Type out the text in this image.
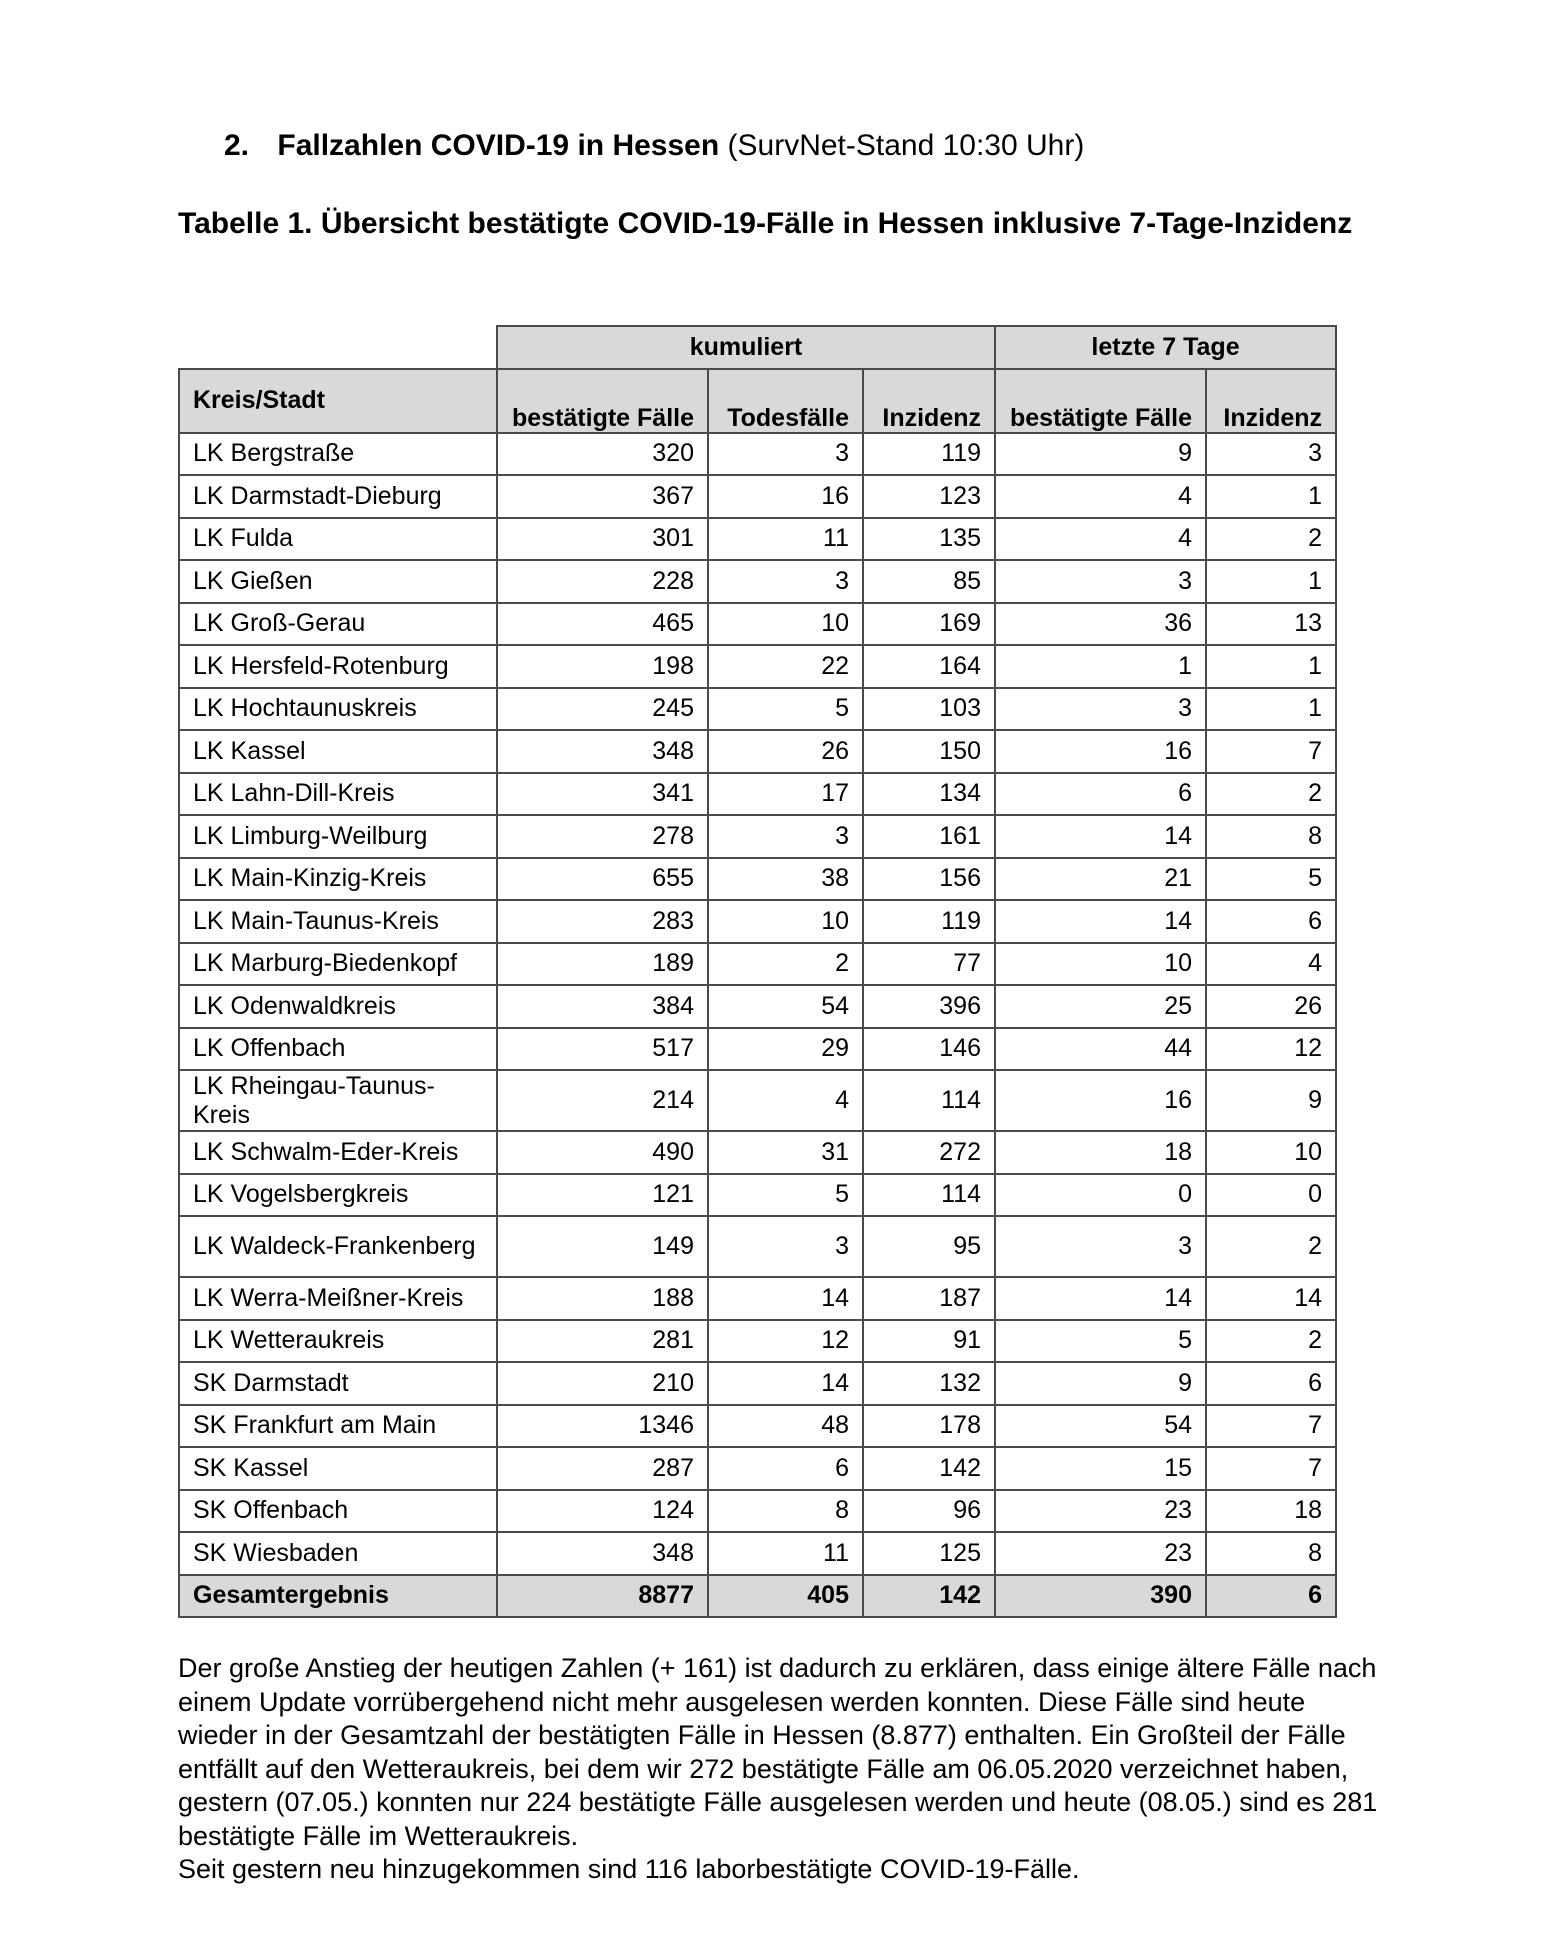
2. Fallzahlen COVID-19 in Hessen (SurvNet-Stand 10:30 Uhr)
Tabelle 1. Übersicht bestätigte COVID-19-Fälle in Hessen inklusive 7-Tage-Inzidenz
	kumuliert			letzte 7 Tage	
Kreis/Stadt	bestätigte Fälle	Todesfälle	Inzidenz	bestätigte Fälle	Inzidenz
LK Bergstraße	320	3	119	9	3
LK Darmstadt-Dieburg	367	16	123	4	1
LK Fulda	301	11	135	4	2
LK Gießen	228	3	85	3	1
LK Groß-Gerau	465	10	169	36	13
LK Hersfeld-Rotenburg	198	22	164	1	1
LK Hochtaunuskreis	245	5	103	3	1
LK Kassel	348	26	150	16	7
LK Lahn-Dill-Kreis	341	17	134	6	2
LK Limburg-Weilburg	278	3	161	14	8
LK Main-Kinzig-Kreis	655	38	156	21	5
LK Main-Taunus-Kreis	283	10	119	14	6
LK Marburg-Biedenkopf	189	2	77	10	4
LK Odenwaldkreis	384	54	396	25	26
LK Offenbach	517	29	146	44	12
LK Rheingau-Taunus-Kreis	214	4	114	16	9
LK Schwalm-Eder-Kreis	490	31	272	18	10
LK Vogelsbergkreis	121	5	114	0	0
LK Waldeck-Frankenberg	149	3	95	3	2
LK Werra-Meißner-Kreis	188	14	187	14	14
LK Wetteraukreis	281	12	91	5	2
SK Darmstadt	210	14	132	9	6
SK Frankfurt am Main	1346	48	178	54	7
SK Kassel	287	6	142	15	7
SK Offenbach	124	8	96	23	18
SK Wiesbaden	348	11	125	23	8
Gesamtergebnis	8877	405	142	390	6

Der große Anstieg der heutigen Zahlen (+ 161) ist dadurch zu erklären, dass einige ältere Fälle nach einem Update vorrübergehend nicht mehr ausgelesen werden konnten. Diese Fälle sind heute wieder in der Gesamtzahl der bestätigten Fälle in Hessen (8.877) enthalten. Ein Großteil der Fälle entfällt auf den Wetteraukreis, bei dem wir 272 bestätigte Fälle am 06.05.2020 verzeichnet haben, gestern (07.05.) konnten nur 224 bestätigte Fälle ausgelesen werden und heute (08.05.) sind es 281 bestätigte Fälle im Wetteraukreis.

Seit gestern neu hinzugekommen sind 116 laborbestätigte COVID-19-Fälle.
